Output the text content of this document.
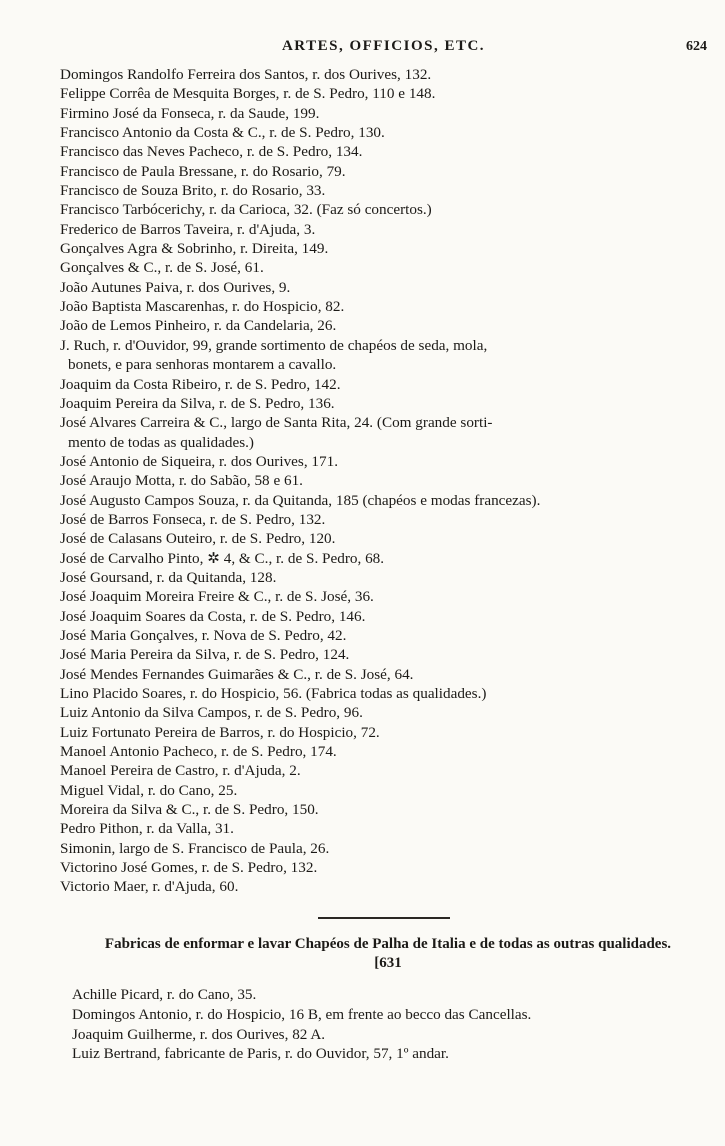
ARTES, OFFICIOS, ETC.	624
Domingos Randolfo Ferreira dos Santos, r. dos Ourives, 132.
Felippe Corrêa de Mesquita Borges, r. de S. Pedro, 110 e 148.
Firmino José da Fonseca, r. da Saude, 199.
Francisco Antonio da Costa & C., r. de S. Pedro, 130.
Francisco das Neves Pacheco, r. de S. Pedro, 134.
Francisco de Paula Bressane, r. do Rosario, 79.
Francisco de Souza Brito, r. do Rosario, 33.
Francisco Tarbócerichy, r. da Carioca, 32. (Faz só concertos.)
Frederico de Barros Taveira, r. d'Ajuda, 3.
Gonçalves Agra & Sobrinho, r. Direita, 149.
Gonçalves & C., r. de S. José, 61.
João Autunes Paiva, r. dos Ourives, 9.
João Baptista Mascarenhas, r. do Hospicio, 82.
João de Lemos Pinheiro, r. da Candelaria, 26.
J. Ruch, r. d'Ouvidor, 99, grande sortimento de chapéos de seda, mola,
bonets, e para senhoras montarem a cavallo.
Joaquim da Costa Ribeiro, r. de S. Pedro, 142.
Joaquim Pereira da Silva, r. de S. Pedro, 136.
José Alvares Carreira & C., largo de Santa Rita, 24. (Com grande sorti-
mento de todas as qualidades.)
José Antonio de Siqueira, r. dos Ourives, 171.
José Araujo Motta, r. do Sabão, 58 e 61.
José Augusto Campos Souza, r. da Quitanda, 185 (chapéos e modas francezas).
José de Barros Fonseca, r. de S. Pedro, 132.
José de Calasans Outeiro, r. de S. Pedro, 120.
José de Carvalho Pinto, ✲ 4, & C., r. de S. Pedro, 68.
José Goursand, r. da Quitanda, 128.
José Joaquim Moreira Freire & C., r. de S. José, 36.
José Joaquim Soares da Costa, r. de S. Pedro, 146.
José Maria Gonçalves, r. Nova de S. Pedro, 42.
José Maria Pereira da Silva, r. de S. Pedro, 124.
José Mendes Fernandes Guimarães & C., r. de S. José, 64.
Lino Placido Soares, r. do Hospicio, 56. (Fabrica todas as qualidades.)
Luiz Antonio da Silva Campos, r. de S. Pedro, 96.
Luiz Fortunato Pereira de Barros, r. do Hospicio, 72.
Manoel Antonio Pacheco, r. de S. Pedro, 174.
Manoel Pereira de Castro, r. d'Ajuda, 2.
Miguel Vidal, r. do Cano, 25.
Moreira da Silva & C., r. de S. Pedro, 150.
Pedro Pithon, r. da Valla, 31.
Simonin, largo de S. Francisco de Paula, 26.
Victorino José Gomes, r. de S. Pedro, 132.
Victorio Maer, r. d'Ajuda, 60.
Fabricas de enformar e lavar Chapéos de Palha de Italia e de todas as outras qualidades. [631
Achille Picard, r. do Cano, 35.
Domingos Antonio, r. do Hospicio, 16 B, em frente ao becco das Cancellas.
Joaquim Guilherme, r. dos Ourives, 82 A.
Luiz Bertrand, fabricante de Paris, r. do Ouvidor, 57, 1º andar.
